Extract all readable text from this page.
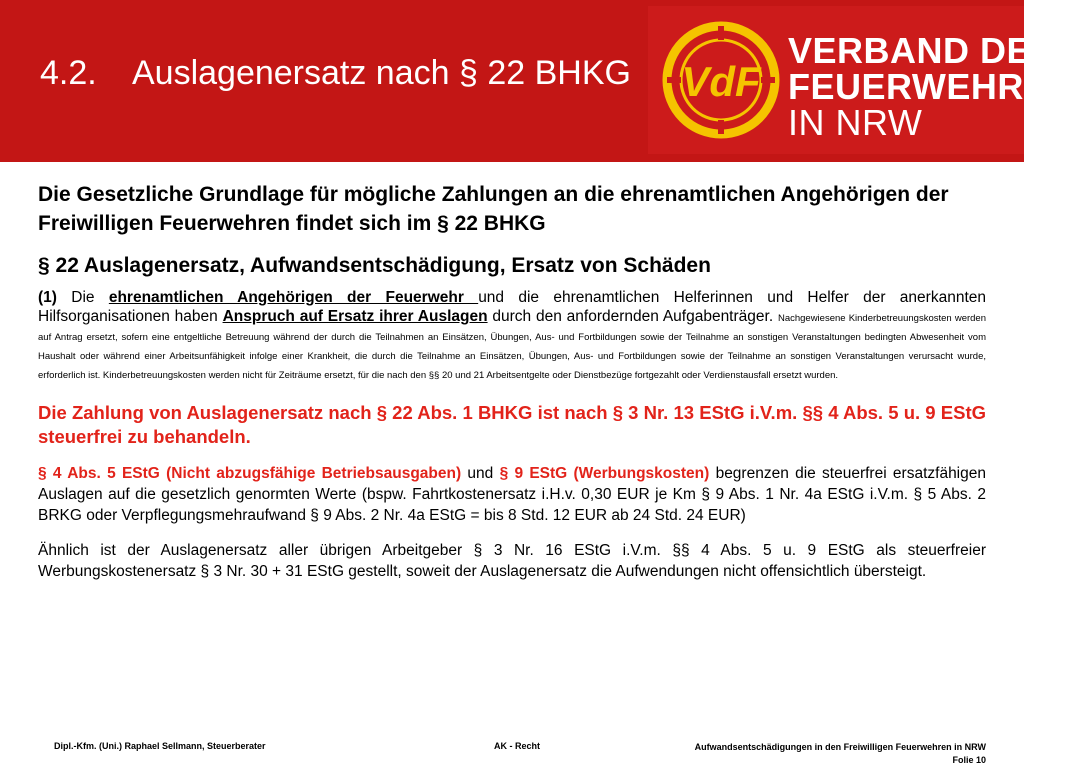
4.2. Auslagenersatz nach § 22 BHKG VdF
VERBAND DER
FEUERWEHREN
IN NRW

Die Gesetzliche Grundlage für mögliche Zahlungen an die ehrenamtlichen Angehörigen der Freiwilligen Feuerwehren findet sich im § 22 BHKG

§ 22 Auslagenersatz, Aufwandsentschädigung, Ersatz von Schäden

(1) Die ehrenamtlichen Angehörigen der Feuerwehr und die ehrenamtlichen Helferinnen und Helfer der anerkannten Hilfsorganisationen haben Anspruch auf Ersatz ihrer Auslagen durch den anfordernden Aufgabenträger. Nachgewiesene Kinderbetreuungskosten werden auf Antrag ersetzt, sofern eine entgeltliche Betreuung während der durch die Teilnahmen an Einsätzen, Übungen, Aus- und Fortbildungen sowie der Teilnahme an sonstigen Veranstaltungen bedingten Abwesenheit vom Haushalt oder während einer Arbeitsunfähigkeit infolge einer Krankheit, die durch die Teilnahme an Einsätzen, Übungen, Aus- und Fortbildungen sowie der Teilnahme an sonstigen Veranstaltungen verursacht wurde, erforderlich ist. Kinderbetreuungskosten werden nicht für Zeiträume ersetzt, für die nach den §§ 20 und 21 Arbeitsentgelte oder Dienstbezüge fortgezahlt oder Verdienstausfall ersetzt wurden.

Die Zahlung von Auslagenersatz nach § 22 Abs. 1 BHKG ist nach § 3 Nr. 13 EStG i.V.m. §§ 4 Abs. 5 u. 9 EStG steuerfrei zu behandeln.

§ 4 Abs. 5 EStG (Nicht abzugsfähige Betriebsausgaben) und § 9 EStG (Werbungskosten) begrenzen die steuerfrei ersatzfähigen Auslagen auf die gesetzlich genormten Werte (bspw. Fahrtkostenersatz i.H.v. 0,30 EUR je Km § 9 Abs. 1 Nr. 4a EStG i.V.m. § 5 Abs. 2 BRKG oder Verpflegungsmehraufwand § 9 Abs. 2 Nr. 4a EStG = bis 8 Std. 12 EUR ab 24 Std. 24 EUR)

Ähnlich ist der Auslagenersatz aller übrigen Arbeitgeber § 3 Nr. 16 EStG i.V.m. §§ 4 Abs. 5 u. 9 EStG als steuerfreier Werbungskostenersatz § 3 Nr. 30 + 31 EStG gestellt, soweit der Auslagenersatz die Aufwendungen nicht offensichtlich übersteigt.

Dipl.-Kfm. (Uni.) Raphael Sellmann, Steuerberater	AK - Recht	Aufwandsentschädigungen in den Freiwilligen Feuerwehren in NRW
Folie 10
